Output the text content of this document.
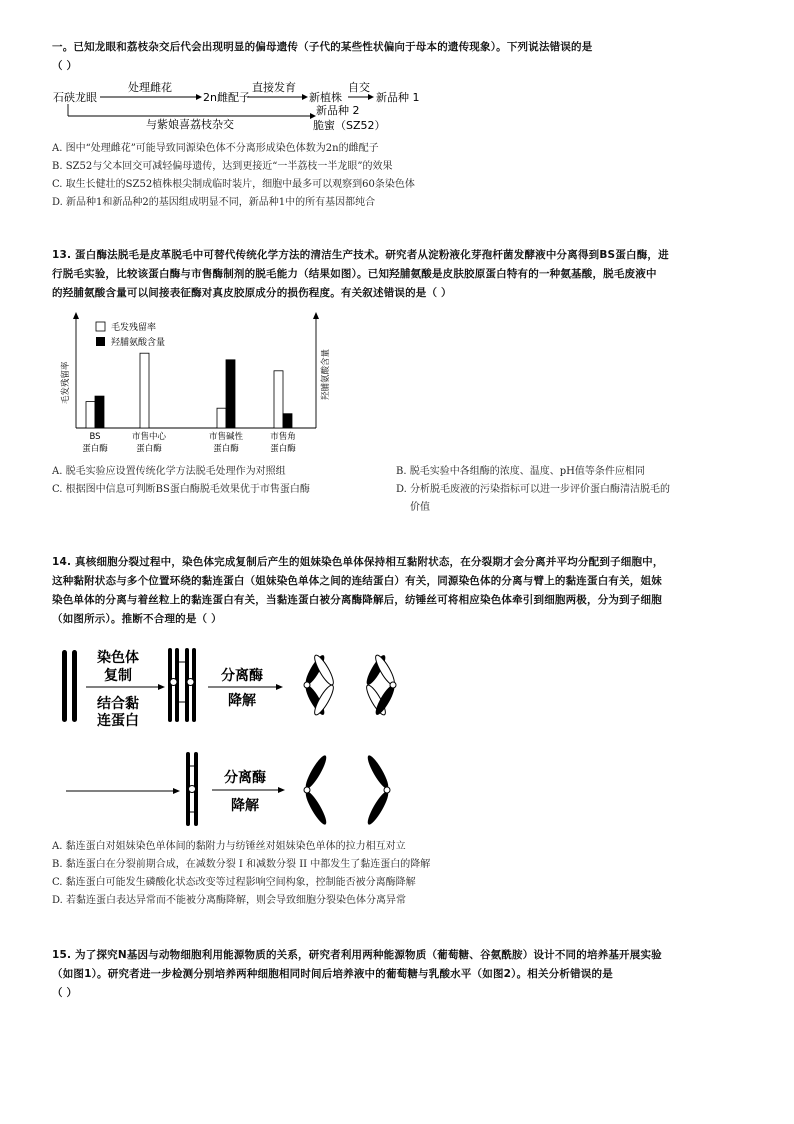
一。已知龙眼和荔枝杂交后代会出现明显的偏母遗传（子代的某些性状偏向于母本的遗传现象）。下列说法错误的是
（ ）
石硖龙眼
处理雌花
2n雌配子
直接发育
新植株
自交
新品种 1
与紫娘喜荔枝杂交
新品种 2
脆蜜（SZ52）
A. 图中“处理雌花”可能导致同源染色体不分离形成染色体数为2n的雌配子
B. SZ52与父本回交可减轻偏母遗传，达到更接近“一半荔枝一半龙眼”的效果
C. 取生长健壮的SZ52植株根尖制成临时装片，细胞中最多可以观察到60条染色体
D. 新品种1和新品种2的基因组成明显不同，新品种1中的所有基因都纯合
13. 蛋白酶法脱毛是皮革脱毛中可替代传统化学方法的清洁生产技术。研究者从淀粉液化芽孢杆菌发酵液中分离得到BS蛋白酶，进
行脱毛实验，比较该蛋白酶与市售酶制剂的脱毛能力（结果如图）。已知羟脯氨酸是皮肤胶原蛋白特有的一种氨基酸，脱毛废液中
的羟脯氨酸含量可以间接表征酶对真皮胶原成分的损伤程度。有关叙述错误的是（ ）
毛发残留率	羟脯氨酸含量
毛发残留率
羟脯氨酸含量
BS
蛋白酶
市售中心
蛋白酶
市售碱性
蛋白酶
市售角
蛋白酶
A. 脱毛实验应设置传统化学方法脱毛处理作为对照组
C. 根据图中信息可判断BS蛋白酶脱毛效果优于市售蛋白酶
B. 脱毛实验中各组酶的浓度、温度、pH值等条件应相同
D. 分析脱毛废液的污染指标可以进一步评价蛋白酶清洁脱毛的
价值
14. 真核细胞分裂过程中，染色体完成复制后产生的姐妹染色单体保持相互黏附状态，在分裂期才会分离并平均分配到子细胞中，
这种黏附状态与多个位置环绕的黏连蛋白（姐妹染色单体之间的连结蛋白）有关，同源染色体的分离与臂上的黏连蛋白有关，姐妹
染色单体的分离与着丝粒上的黏连蛋白有关，当黏连蛋白被分离酶降解后，纺锤丝可将相应染色体牵引到细胞两极，分为到子细胞
（如图所示）。推断不合理的是（ ）
染色体
复制
结合黏
连蛋白
分离酶
降解
分离酶
降解
A. 黏连蛋白对姐妹染色单体间的黏附力与纺锤丝对姐妹染色单体的拉力相互对立
B. 黏连蛋白在分裂前期合成，在减数分裂 I 和减数分裂 II 中都发生了黏连蛋白的降解
C. 黏连蛋白可能发生磷酸化状态改变等过程影响空间构象，控制能否被分离酶降解
D. 若黏连蛋白表达异常而不能被分离酶降解，则会导致细胞分裂染色体分离异常
15. 为了探究N基因与动物细胞利用能源物质的关系，研究者利用两种能源物质（葡萄糖、谷氨酰胺）设计不同的培养基开展实验
（如图1）。研究者进一步检测分别培养两种细胞相同时间后培养液中的葡萄糖与乳酸水平（如图2）。相关分析错误的是
（ ）
